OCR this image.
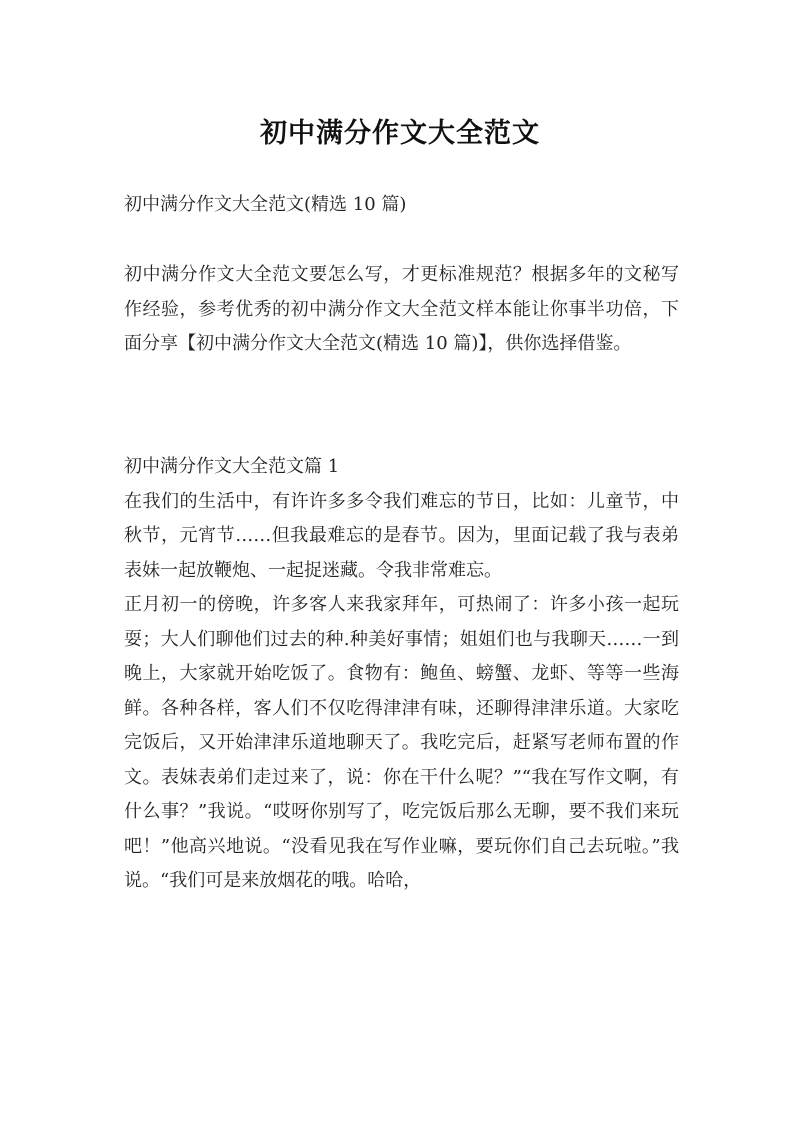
初中满分作文大全范文

初中满分作文大全范文(精选 10 篇)

初中满分作文大全范文要怎么写，才更标准规范？根据多年的文秘写作经验，参考优秀的初中满分作文大全范文样本能让你事半功倍，下面分享【初中满分作文大全范文(精选 10 篇)】，供你选择借鉴。

初中满分作文大全范文篇 1

在我们的生活中，有许许多多令我们难忘的节日，比如：儿童节，中秋节，元宵节……但我最难忘的是春节。因为，里面记载了我与表弟表妹一起放鞭炮、一起捉迷藏。令我非常难忘。

正月初一的傍晚，许多客人来我家拜年，可热闹了：许多小孩一起玩耍；大人们聊他们过去的种.种美好事情；姐姐们也与我聊天……一到晚上，大家就开始吃饭了。食物有：鲍鱼、螃蟹、龙虾、等等一些海鲜。各种各样，客人们不仅吃得津津有味，还聊得津津乐道。大家吃完饭后，又开始津津乐道地聊天了。我吃完后，赶紧写老师布置的作文。表妹表弟们走过来了，说：你在干什么呢？”“我在写作文啊，有什么事？”我说。“哎呀你别写了，吃完饭后那么无聊，要不我们来玩吧！”他高兴地说。“没看见我在写作业嘛，要玩你们自己去玩啦。”我说。“我们可是来放烟花的哦。哈哈，
